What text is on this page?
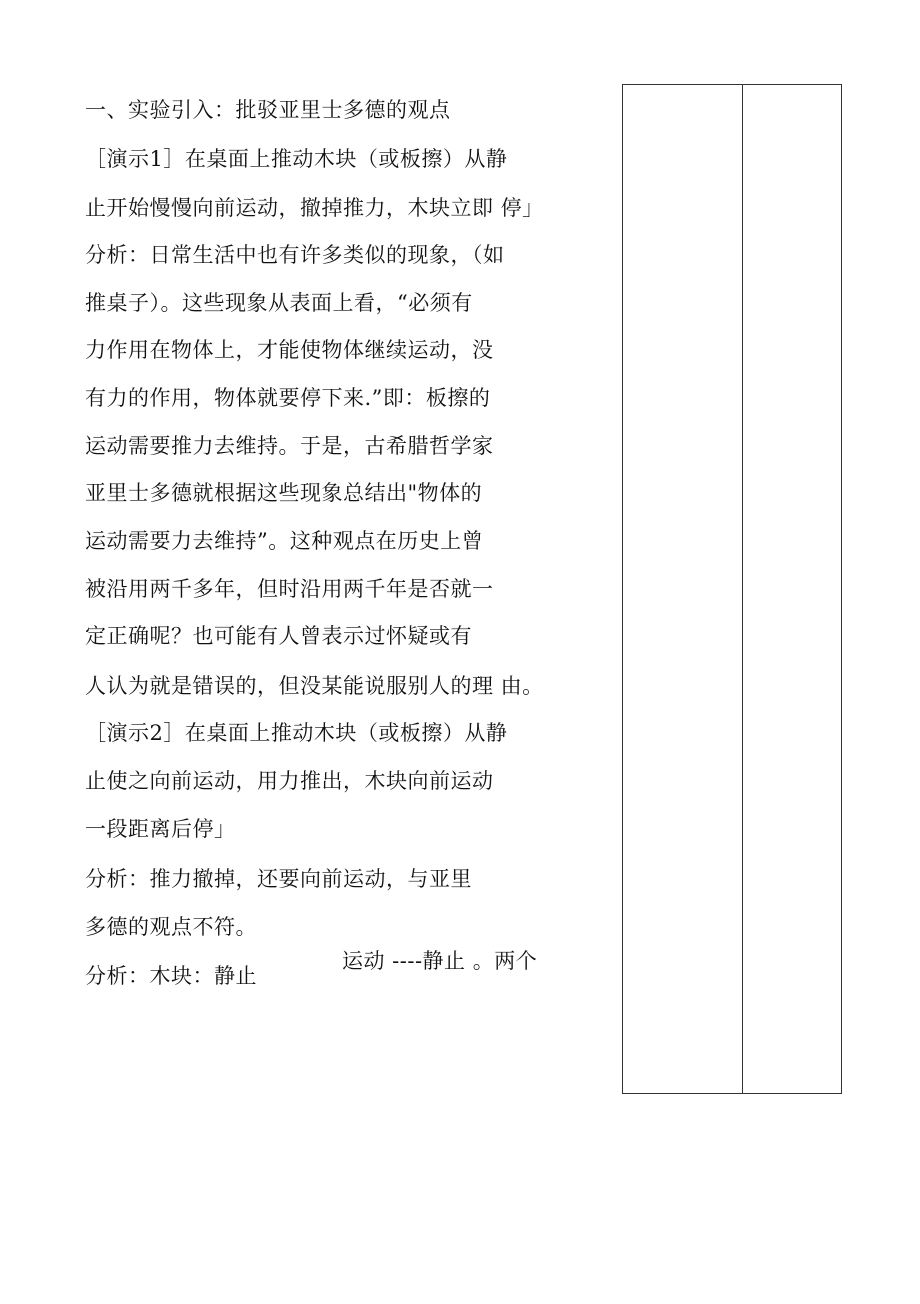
一、实验引入：批驳亚里士多德的观点
［演示1］在桌面上推动木块（或板擦）从静
止开始慢慢向前运动，撤掉推力，木块立即 停」
分析：日常生活中也有许多类似的现象，（如
推桌子）。这些现象从表面上看，“必须有
力作用在物体上，才能使物体继续运动，没
有力的作用，物体就要停下来.”即：板擦的
运动需要推力去维持。于是，古希腊哲学家
亚里士多德就根据这些现象总结出"物体的
运动需要力去维持”。这种观点在历史上曾
被沿用两千多年，但时沿用两千年是否就一
定正确呢？也可能有人曾表示过怀疑或有
人认为就是错误的，但没某能说服别人的理 由。
［演示2］在桌面上推动木块（或板擦）从静
止使之向前运动，用力推出，木块向前运动
一段距离后停」
分析：推力撤掉，还要向前运动，与亚里
多德的观点不符。
分析：木块：静止
运动 ----静止 。两个
